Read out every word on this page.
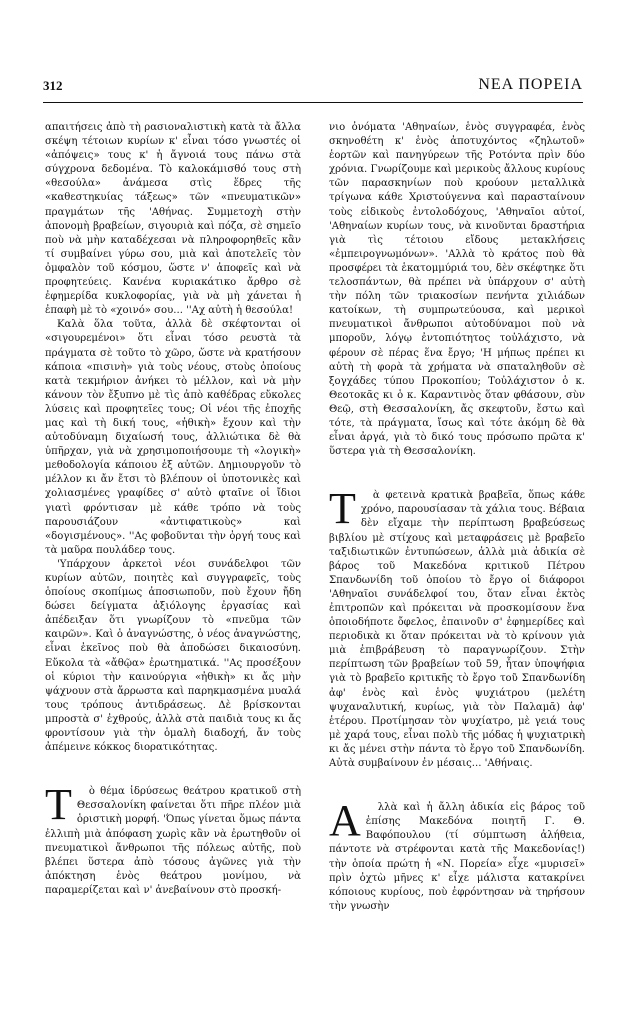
312	ΝΕΑ ΠΟΡΕΙΑ

απαιτήσεις ἀπὸ τὴ ρασιοναλιστικὴ κατὰ τὰ ἄλλα σκέψη τέτοιων κυρίων κ' εἶναι τόσο γνωστές οἱ «ἀπόψεις» τους κ' ἡ ἄγνοιά τους πάνω στὰ σύγχρονα δεδομένα. Τὸ καλοκάμισθό τους στὴ «θεσούλα» ἀνάμεσα στὶς ἕδρες τῆς «καθεστηκυίας τάξεως» τῶν «πνευματικῶν» πραγμάτων τῆς 'Αθήνας. Συμμετοχὴ στὴν ἀπονομὴ βραβείων, σιγουριὰ καὶ πόζα, σὲ σημεῖο ποὺ νὰ μὴν καταδέχεσαι νὰ πληροφορηθεῖς κἂν τί συμβαίνει γύρω σου, μιὰ καὶ ἀποτελεῖς τὸν ὀμφαλὸν τοῦ κόσμου, ὥστε ν' ἀποφεῖς καὶ νὰ προφητεύεις. Κανένα κυριακάτικο ἄρθρο σὲ ἐφημερίδα κυκλοφορίας, γιὰ νὰ μὴ χάνεται ἡ ἐπαφὴ μὲ τὸ «χοινό» σου... ''Αχ αὐτὴ ἡ θεσούλα!

Καλὰ ὅλα τοῦτα, ἀλλὰ δὲ σκέφτονται οἱ «σιγουρεμένοι» ὅτι εἶναι τόσο ρευστὰ τὰ πράγματα σὲ τοῦτο τὸ χῶρο, ὥστε νὰ κρατήσουν κάποια «πισινὴ» γιὰ τοὺς νέους, στοὺς ὁποίους κατὰ τεκμήριον ἀνήκει τὸ μέλλον, καὶ νὰ μὴν κάνουν τὸν ἔξυπνο μὲ τὶς ἀπὸ καθέδρας εὔκολες λύσεις καὶ προφητεῖες τους; Οἱ νέοι τῆς ἐποχῆς μας καὶ τὴ δική τους, «ἠθικὴ» ἔχουν καὶ τὴν αὐτοδύναμη διχαίωσή τους, ἀλλιώτικα δὲ θὰ ὑπῆρχαν, γιὰ νὰ χρησιμοποιήσουμε τὴ «λογικὴ» μεθοδολογία κάποιου ἐξ αὐτῶν. Δημιουργοῦν τὸ μέλλον κι ἄν ἔτσι τὸ βλέπουν οἱ ὑποτονικὲς καὶ χολιασμένες γραφίδες σ' αὐτὸ φταῖνε οἱ ἴδιοι γιατὶ φρόντισαν μὲ κάθε τρόπο νὰ τοὺς παρουσιάζουν «ἀντιφατικοὺς» καὶ «δογισμένους». ''Ας φοβοῦνται τὴν ὀργή τους καὶ τὰ μαῦρα πουλάδερ τους.

'Υπάρχουν ἀρκετοὶ νέοι συνάδελφοι τῶν κυρίων αὐτῶν, ποιητὲς καὶ συγγραφεῖς, τοὺς ὁποίους σκοπίμως ἀποσιωποῦν, ποὺ ἔχουν ἤδη δώσει δείγματα ἀξιόλογης ἐργασίας καὶ ἀπέδειξαν ὅτι γνωρίζουν τὸ «πνεῦμα τῶν καιρῶν». Καὶ ὁ ἀναγνώστης, ὁ νέος ἀναγνώστης, εἶναι ἐκεῖνος ποὺ θὰ ἀποδώσει δικαιοσύνη. Εὔκολα τὰ «ἄθῷα» ἐρωτηματικά. ''Ας προσέξουν οἱ κύριοι τὴν καινούργια «ἠθικὴ» κι ἄς μὴν ψάχνουν στὰ ἄρρωστα καὶ παρηκμασμένα μυαλά τους τρόπους ἀντιδράσεως. Δὲ βρίσκονται μπροστὰ σ' ἐχθρούς, ἀλλὰ στὰ παιδιὰ τους κι ἄς φροντίσουν γιὰ τὴν ὁμαλὴ διαδοχή, ἄν τοὺς ἀπέμεινε κόκκος διορατικότητας.

Τ	ὸ θέμα ἱδρύσεως θεάτρου κρατικοῦ στὴ Θεσσαλονίκη φαίνεται ὅτι πῆρε πλέον μιὰ ὁριστικὴ μορφή. 'Όπως γίνεται ὅμως πάντα ἐλλιπὴ μιὰ ἀπόφαση χωρὶς κἂν νὰ ἐρωτηθοῦν οἱ πνευματικοὶ ἄνθρωποι τῆς πόλεως αὐτῆς, ποὺ βλέπει ὕστερα ἀπὸ τόσους ἀγῶνες γιὰ τὴν ἀπόκτηση ἑνὸς θεάτρου μονίμου, νὰ παραμερίζεται καὶ ν' ἀνεβαίνουν στὸ προσκή-

νιο ὀνόματα 'Αθηναίων, ἑνὸς συγγραφέα, ἑνὸς σκηνοθέτη κ' ἑνὸς ἀποτυχόντος «ζηλωτοῦ» ἑορτῶν καὶ πανηγύρεων τῆς Ροτόντα πρὶν δύο χρόνια. Γνωρίζουμε καὶ μερικοὺς ἄλλους κυρίους τῶν παρασκηνίων ποὺ κρούουν μεταλλικὰ τρίγωνα κάθε Χριστούγεννα καὶ παρασταίνουν τοὺς εἰδικοὺς ἐντολοδόχους, 'Αθηναῖοι αὐτοί, 'Αθηναίων κυρίων τους, νὰ κινοῦνται δραστήρια γιὰ τὶς τέτοιου εἴδους μετακλήσεις «ἐμπειρογνωμόνων». 'Αλλὰ τὸ κράτος ποὺ θὰ προσφέρει τὰ ἑκατομμύριά του, δὲν σκέφτηκε ὅτι τελοσπάντων, θὰ πρέπει νὰ ὑπάρχουν σ' αὐτὴ τὴν πόλη τῶν τριακοσίων πενήντα χιλιάδων κατοίκων, τὴ συμπρωτεύουσα, καὶ μερικοὶ πνευματικοὶ ἄνθρωποι αὐτοδύναμοι ποὺ νὰ μποροῦν, λόγῳ ἐντοπιότητος τοὐλάχιστο, νὰ φέρουν σὲ πέρας ἕνα ἔργο; 'Η μήπως πρέπει κι αὐτὴ τὴ φορὰ τὰ χρήματα νὰ σπαταληθοῦν σὲ ξογχάδες τύπου Προκοπίου; Τοὐλάχιστον ὁ κ. Θεοτοκᾶς κι ὁ κ. Καραντινὸς ὅταν φθάσουν, σὺν Θεῷ, στὴ Θεσσαλονίκη, ἄς σκεφτοῦν, ἔστω καὶ τότε, τὰ πράγματα, ἴσως καὶ τότε ἀκόμη δὲ θὰ εἶναι ἀργά, γιὰ τὸ δικό τους πρόσωπο πρῶτα κ' ὕστερα γιὰ τὴ Θεσσαλονίκη.

Τ	ὰ φετεινὰ κρατικὰ βραβεῖα, ὅπως κάθε χρόνο, παρουσίασαν τὰ χάλια τους. Βέβαια δὲν εἴχαμε τὴν περίπτωση βραβεύσεως βιβλίου μὲ στίχους καὶ μεταφράσεις μὲ βραβεῖο ταξιδιωτικῶν ἐντυπώσεων, ἀλλὰ μιὰ ἀδικία σὲ βάρος τοῦ Μακεδόνα κριτικοῦ Πέτρου Σπανδωνίδη τοῦ ὁποίου τὸ ἔργο οἱ διάφοροι 'Αθηναῖοι συνάδελφοί του, ὅταν εἶναι ἐκτὸς ἐπιτροπῶν καὶ πρόκειται νὰ προσκομίσουν ἕνα ὁποιοδήποτε ὄφελος, ἐπαινοῦν σ' ἐφημερίδες καὶ περιοδικὰ κι ὅταν πρόκειται νὰ τὸ κρίνουν γιὰ μιὰ ἐπιβράβευση τὸ παραγνωρίζουν. Στὴν περίπτωση τῶν βραβείων τοῦ 59, ἦταν ὑποψήφια γιὰ τὸ βραβεῖο κριτικῆς τὸ ἔργο τοῦ Σπανδωνίδη ἀφ' ἑνὸς καὶ ἑνὸς ψυχιάτρου (μελέτη ψυχαναλυτική, κυρίως, γιὰ τὸν Παλαμᾶ) ἀφ' ἑτέρου. Προτίμησαν τὸν ψυχίατρο, μὲ γειά τους μὲ χαρά τους, εἶναι πολὺ τῆς μόδας ἡ ψυχιατρικὴ κι ἄς μένει στὴν πάντα τὸ ἔργο τοῦ Σπανδωνίδη. Αὐτὰ συμβαίνουν ἐν μέσαις... 'Αθήναις.

Α	λλὰ καὶ ἡ ἄλλη ἀδικία εἰς βάρος τοῦ ἐπίσης Μακεδόνα ποιητῆ Γ. Θ. Βαφόπουλου (τί σύμπτωση ἀλήθεια, πάντοτε νὰ στρέφονται κατὰ τῆς Μακεδονίας!) τὴν ὁποία πρώτη ἡ «Ν. Πορεία» εἶχε «μυρισεῖ» πρὶν ὀχτὼ μῆνες κ' εἶχε μάλιστα κατακρίνει κόποιους κυρίους, ποὺ ἐφρόντησαν νὰ τηρήσουν τὴν γνωσὴν
